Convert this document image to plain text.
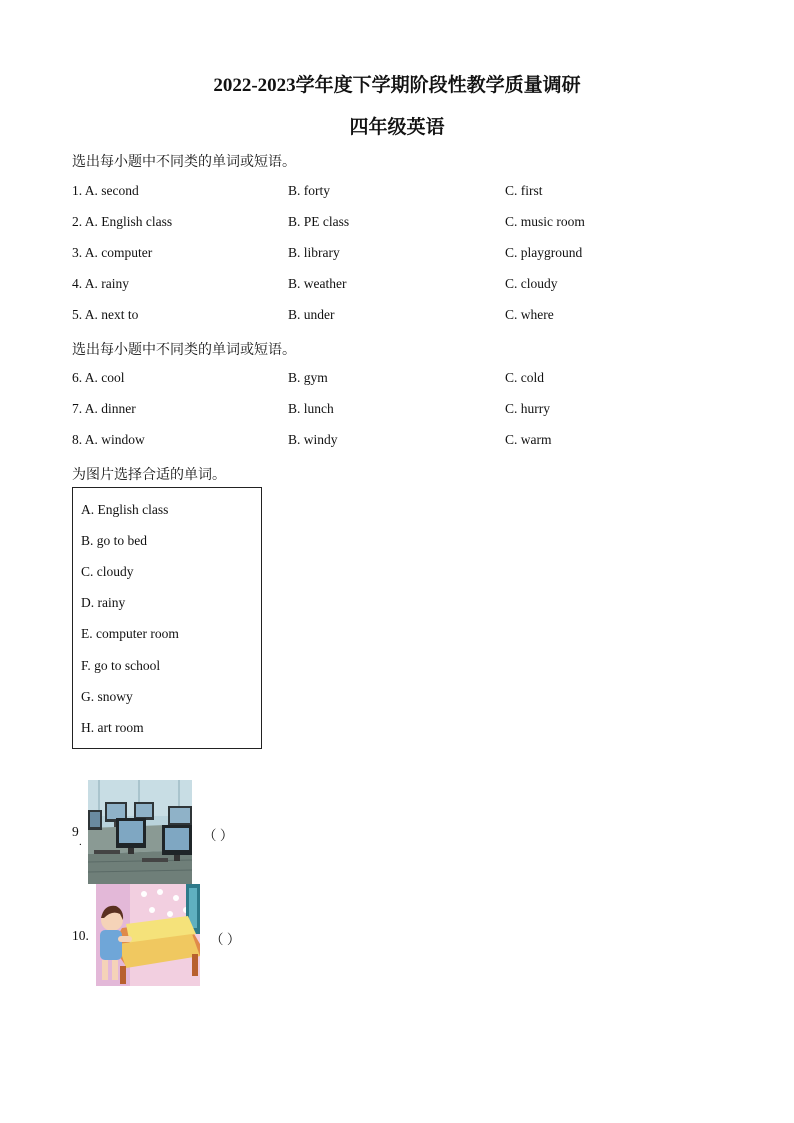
2022-2023学年度下学期阶段性教学质量调研
四年级英语
选出每小题中不同类的单词或短语。
1. A. second	B. forty	C. first
2. A. English class	B. PE class	C. music room
3. A. computer	B. library	C. playground
4. A. rainy	B. weather	C. cloudy
5. A. next to	B. under	C. where
选出每小题中不同类的单词或短语。
6. A. cool	B. gym	C. cold
7. A. dinner	B. lunch	C. hurry
8. A. window	B. windy	C. warm
为图片选择合适的单词。
A. English class
B. go to bed
C. cloudy
D. rainy
E. computer room
F. go to school
G. snowy
H. art room
9
.	（ ）
10.	（ ）
